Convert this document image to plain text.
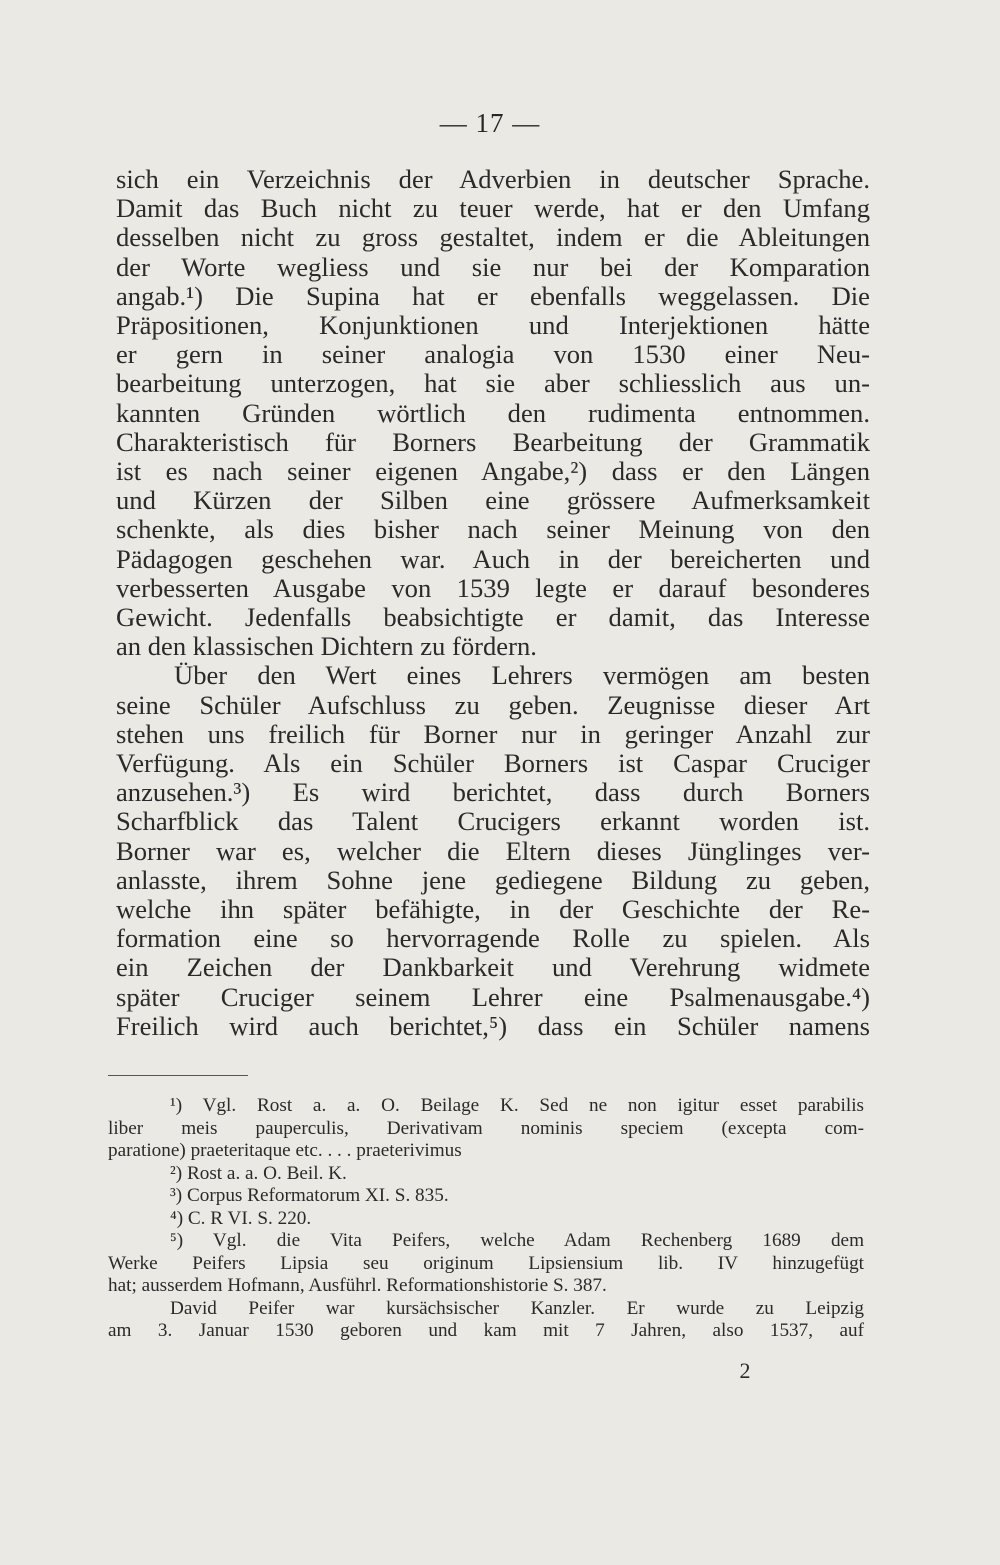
— 17 —
sich ein Verzeichnis der Adverbien in deutscher Sprache.
Damit das Buch nicht zu teuer werde, hat er den Umfang
desselben nicht zu gross gestaltet, indem er die Ableitungen
der Worte wegliess und sie nur bei der Komparation
angab.¹) Die Supina hat er ebenfalls weggelassen. Die
Präpositionen, Konjunktionen und Interjektionen hätte
er gern in seiner analogia von 1530 einer Neu-
bearbeitung unterzogen, hat sie aber schliesslich aus un-
kannten Gründen wörtlich den rudimenta entnommen.
Charakteristisch für Borners Bearbeitung der Grammatik
ist es nach seiner eigenen Angabe,²) dass er den Längen
und Kürzen der Silben eine grössere Aufmerksamkeit
schenkte, als dies bisher nach seiner Meinung von den
Pädagogen geschehen war. Auch in der bereicherten und
verbesserten Ausgabe von 1539 legte er darauf besonderes
Gewicht. Jedenfalls beabsichtigte er damit, das Interesse
an den klassischen Dichtern zu fördern.
Über den Wert eines Lehrers vermögen am besten
seine Schüler Aufschluss zu geben. Zeugnisse dieser Art
stehen uns freilich für Borner nur in geringer Anzahl zur
Verfügung. Als ein Schüler Borners ist Caspar Cruciger
anzusehen.³) Es wird berichtet, dass durch Borners
Scharfblick das Talent Crucigers erkannt worden ist.
Borner war es, welcher die Eltern dieses Jünglinges ver-
anlasste, ihrem Sohne jene gediegene Bildung zu geben,
welche ihn später befähigte, in der Geschichte der Re-
formation eine so hervorragende Rolle zu spielen. Als
ein Zeichen der Dankbarkeit und Verehrung widmete
später Cruciger seinem Lehrer eine Psalmenausgabe.⁴)
Freilich wird auch berichtet,⁵) dass ein Schüler namens
¹) Vgl. Rost a. a. O. Beilage K. Sed ne non igitur esset parabilis
liber meis pauperculis, Derivativam nominis speciem (excepta com-
paratione) praeteritaque etc. . . . praeterivimus
²) Rost a. a. O. Beil. K.
³) Corpus Reformatorum XI. S. 835.
⁴) C. R VI. S. 220.
⁵) Vgl. die Vita Peifers, welche Adam Rechenberg 1689 dem
Werke Peifers Lipsia seu originum Lipsiensium lib. IV hinzugefügt
hat; ausserdem Hofmann, Ausführl. Reformationshistorie S. 387.
David Peifer war kursächsischer Kanzler. Er wurde zu Leipzig
am 3. Januar 1530 geboren und kam mit 7 Jahren, also 1537, auf
2
